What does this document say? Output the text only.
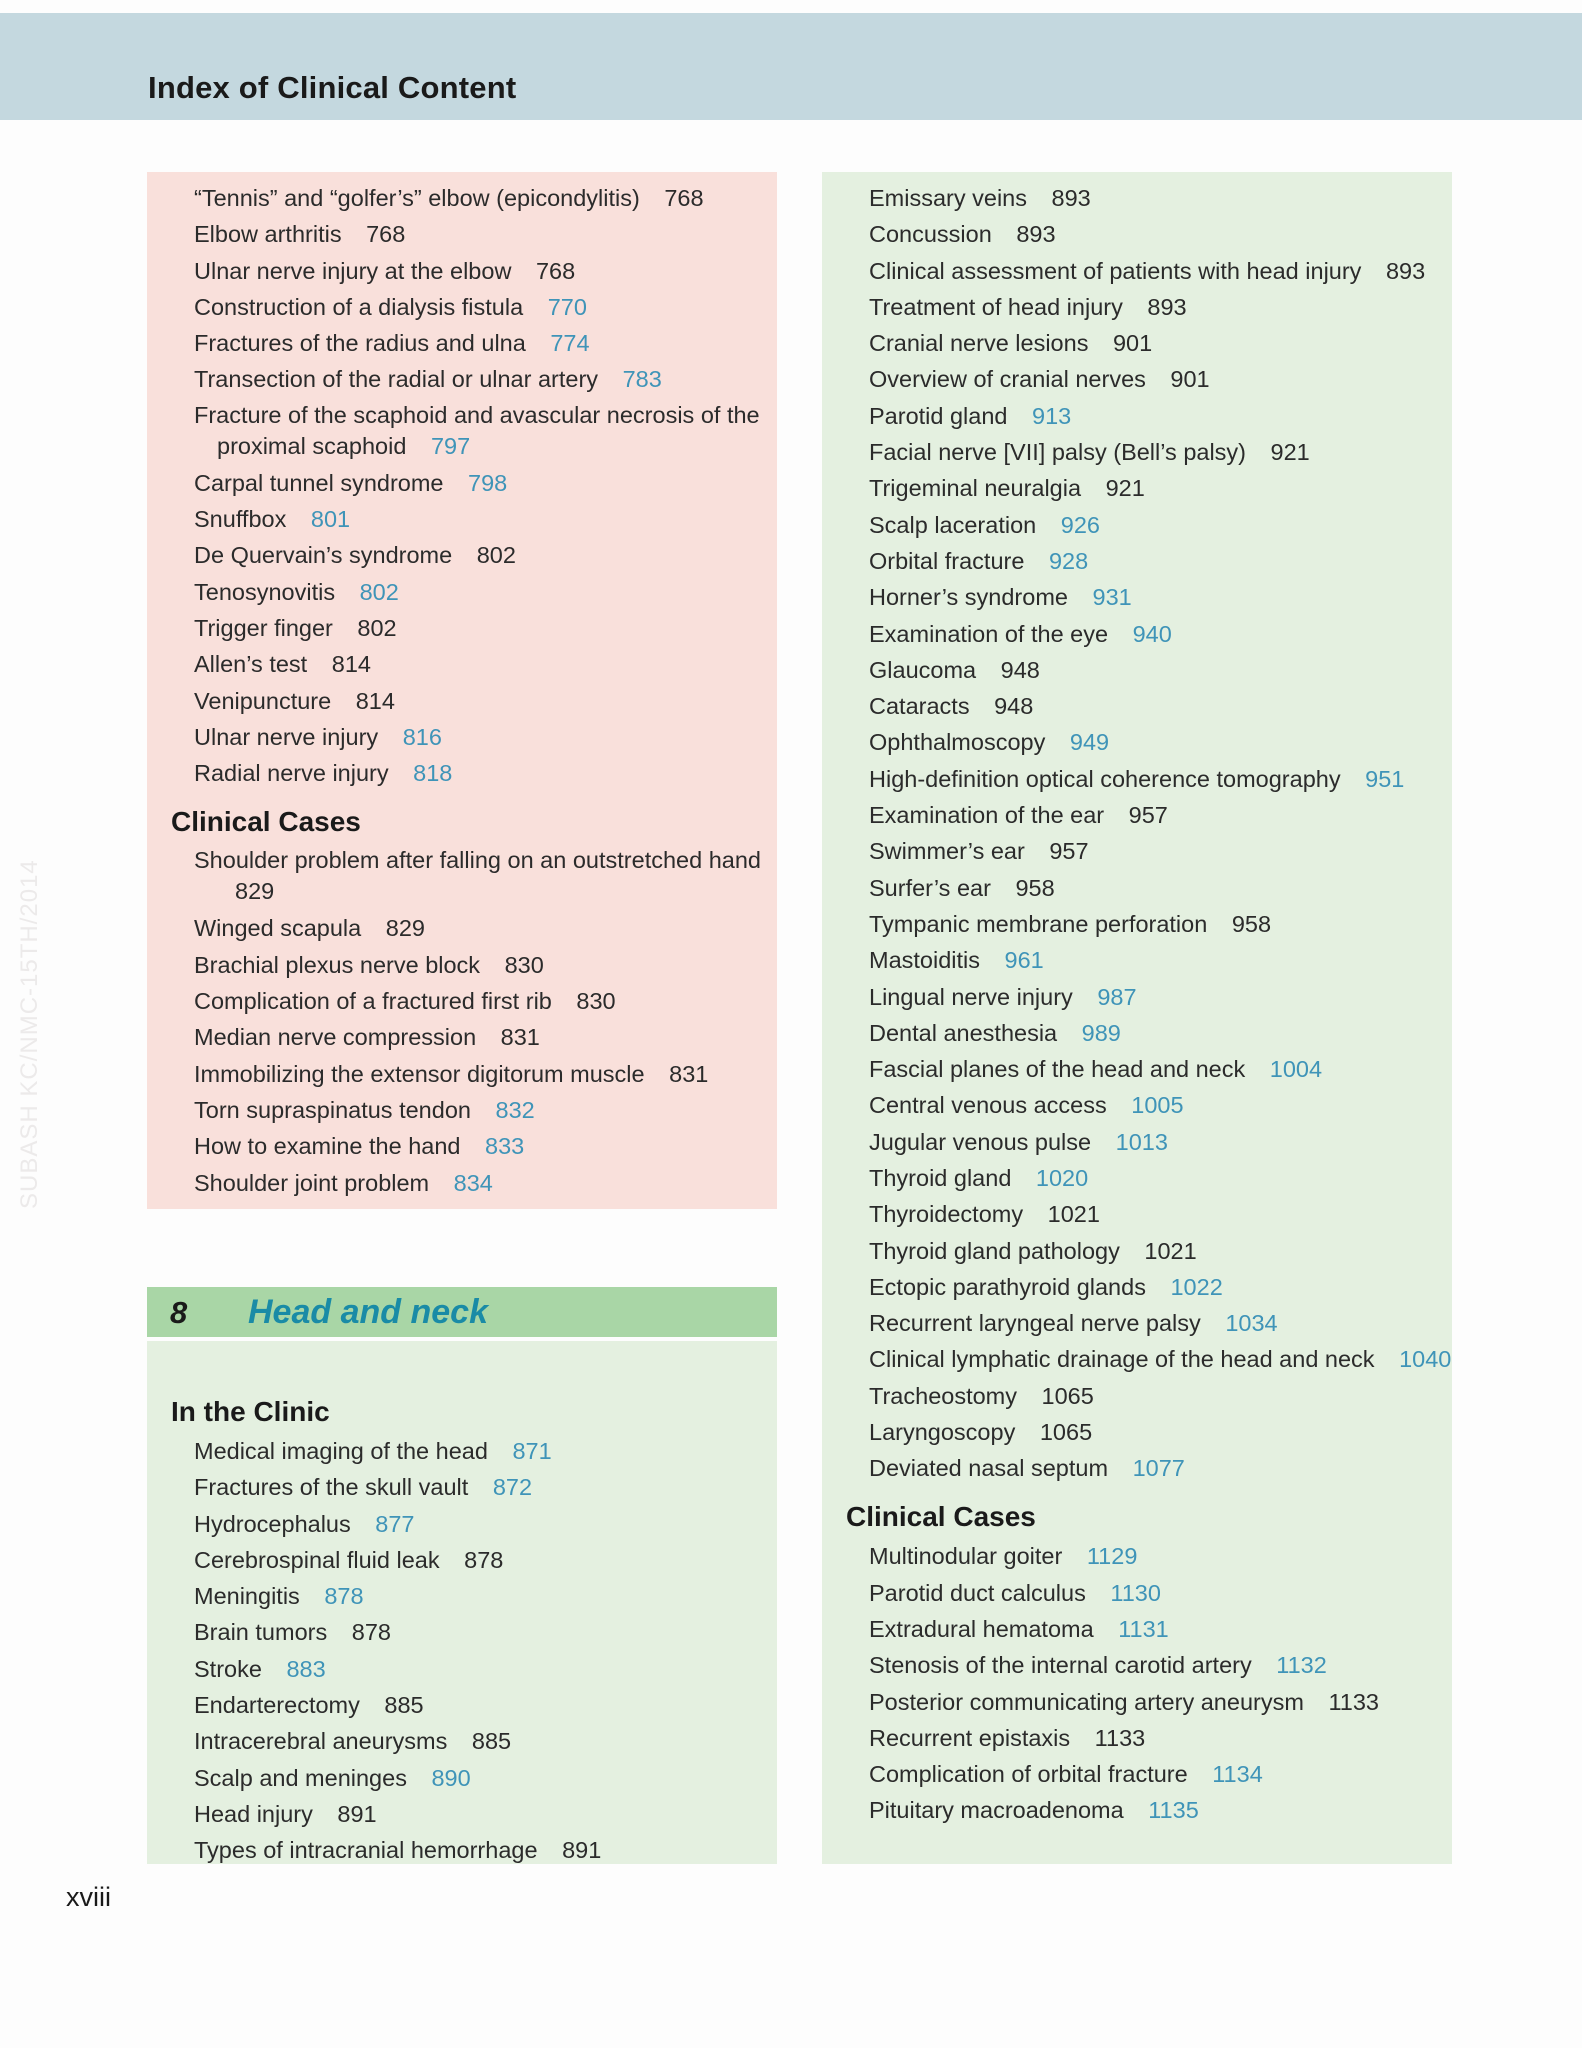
Index of Clinical Content
SUBASH KC/NMC-15TH/2014
8 Head and neck
“Tennis” and “golfer’s” elbow (epicondylitis) 768
Elbow arthritis 768
Ulnar nerve injury at the elbow 768
Construction of a dialysis fistula 770
Fractures of the radius and ulna 774
Transection of the radial or ulnar artery 783
Fracture of the scaphoid and avascular necrosis of the proximal scaphoid 797
Carpal tunnel syndrome 798
Snuffbox 801
De Quervain’s syndrome 802
Tenosynovitis 802
Trigger finger 802
Allen’s test 814
Venipuncture 814
Ulnar nerve injury 816
Radial nerve injury 818
Clinical Cases
Shoulder problem after falling on an outstretched hand 829
Winged scapula 829
Brachial plexus nerve block 830
Complication of a fractured first rib 830
Median nerve compression 831
Immobilizing the extensor digitorum muscle 831
Torn supraspinatus tendon 832
How to examine the hand 833
Shoulder joint problem 834
In the Clinic
Medical imaging of the head 871
Fractures of the skull vault 872
Hydrocephalus 877
Cerebrospinal fluid leak 878
Meningitis 878
Brain tumors 878
Stroke 883
Endarterectomy 885
Intracerebral aneurysms 885
Scalp and meninges 890
Head injury 891
Types of intracranial hemorrhage 891
Emissary veins 893
Concussion 893
Clinical assessment of patients with head injury 893
Treatment of head injury 893
Cranial nerve lesions 901
Overview of cranial nerves 901
Parotid gland 913
Facial nerve [VII] palsy (Bell’s palsy) 921
Trigeminal neuralgia 921
Scalp laceration 926
Orbital fracture 928
Horner’s syndrome 931
Examination of the eye 940
Glaucoma 948
Cataracts 948
Ophthalmoscopy 949
High-definition optical coherence tomography 951
Examination of the ear 957
Swimmer’s ear 957
Surfer’s ear 958
Tympanic membrane perforation 958
Mastoiditis 961
Lingual nerve injury 987
Dental anesthesia 989
Fascial planes of the head and neck 1004
Central venous access 1005
Jugular venous pulse 1013
Thyroid gland 1020
Thyroidectomy 1021
Thyroid gland pathology 1021
Ectopic parathyroid glands 1022
Recurrent laryngeal nerve palsy 1034
Clinical lymphatic drainage of the head and neck 1040
Tracheostomy 1065
Laryngoscopy 1065
Deviated nasal septum 1077
Clinical Cases
Multinodular goiter 1129
Parotid duct calculus 1130
Extradural hematoma 1131
Stenosis of the internal carotid artery 1132
Posterior communicating artery aneurysm 1133
Recurrent epistaxis 1133
Complication of orbital fracture 1134
Pituitary macroadenoma 1135
xviii
